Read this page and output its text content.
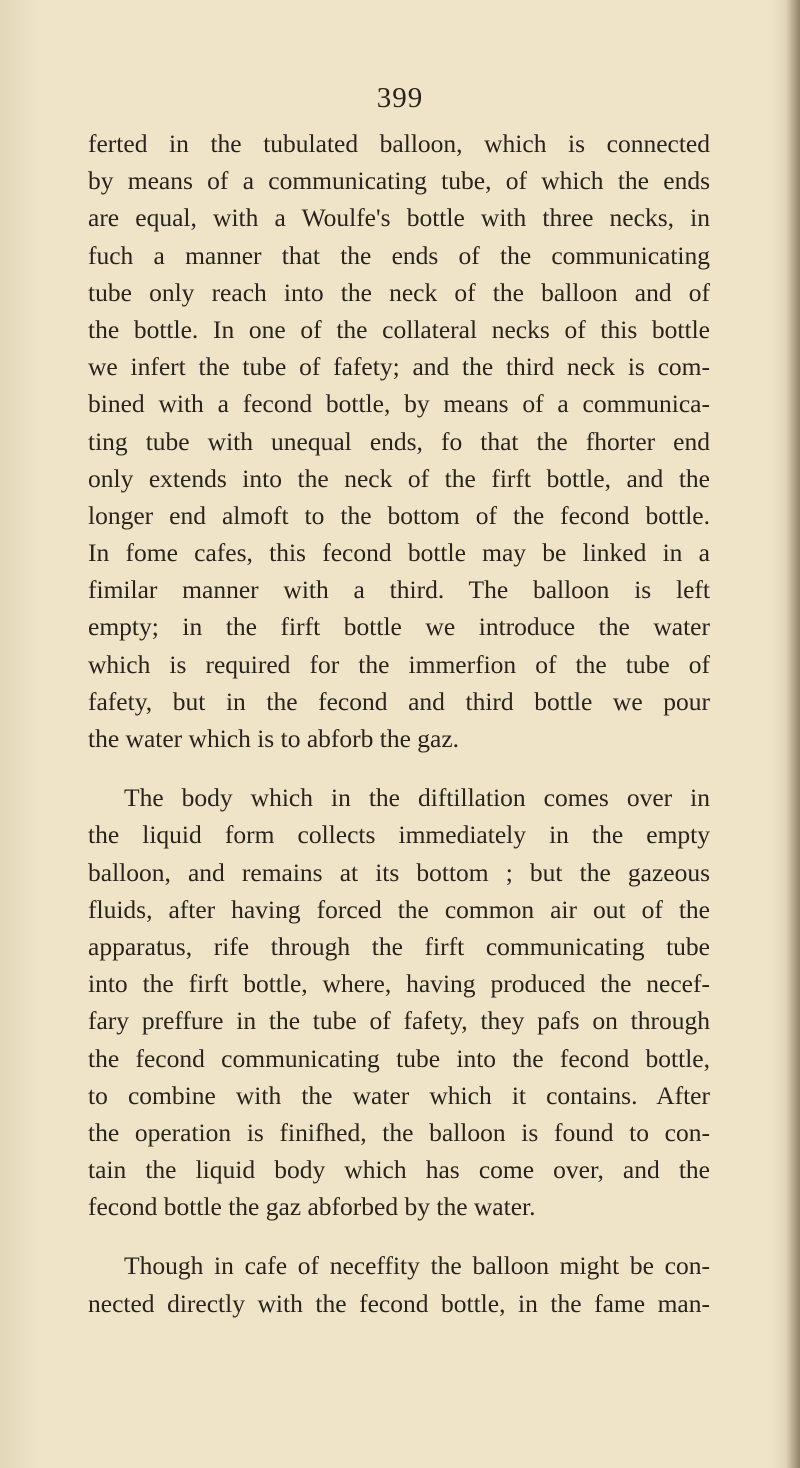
399
ferted in the tubulated balloon, which is connected
by means of a communicating tube, of which the ends
are equal, with a Woulfe's bottle with three necks, in
fuch a manner that the ends of the communicating
tube only reach into the neck of the balloon and of
the bottle. In one of the collateral necks of this bottle
we infert the tube of fafety; and the third neck is com-
bined with a fecond bottle, by means of a communica-
ting tube with unequal ends, fo that the fhorter end
only extends into the neck of the firft bottle, and the
longer end almoft to the bottom of the fecond bottle.
In fome cafes, this fecond bottle may be linked in a
fimilar manner with a third. The balloon is left
empty; in the firft bottle we introduce the water
which is required for the immerfion of the tube of
fafety, but in the fecond and third bottle we pour
the water which is to abforb the gaz.
The body which in the diftillation comes over in
the liquid form collects immediately in the empty
balloon, and remains at its bottom ; but the gazeous
fluids, after having forced the common air out of the
apparatus, rife through the firft communicating tube
into the firft bottle, where, having produced the necef-
fary preffure in the tube of fafety, they pafs on through
the fecond communicating tube into the fecond bottle,
to combine with the water which it contains. After
the operation is finifhed, the balloon is found to con-
tain the liquid body which has come over, and the
fecond bottle the gaz abforbed by the water.
Though in cafe of neceffity the balloon might be con-
nected directly with the fecond bottle, in the fame man-
